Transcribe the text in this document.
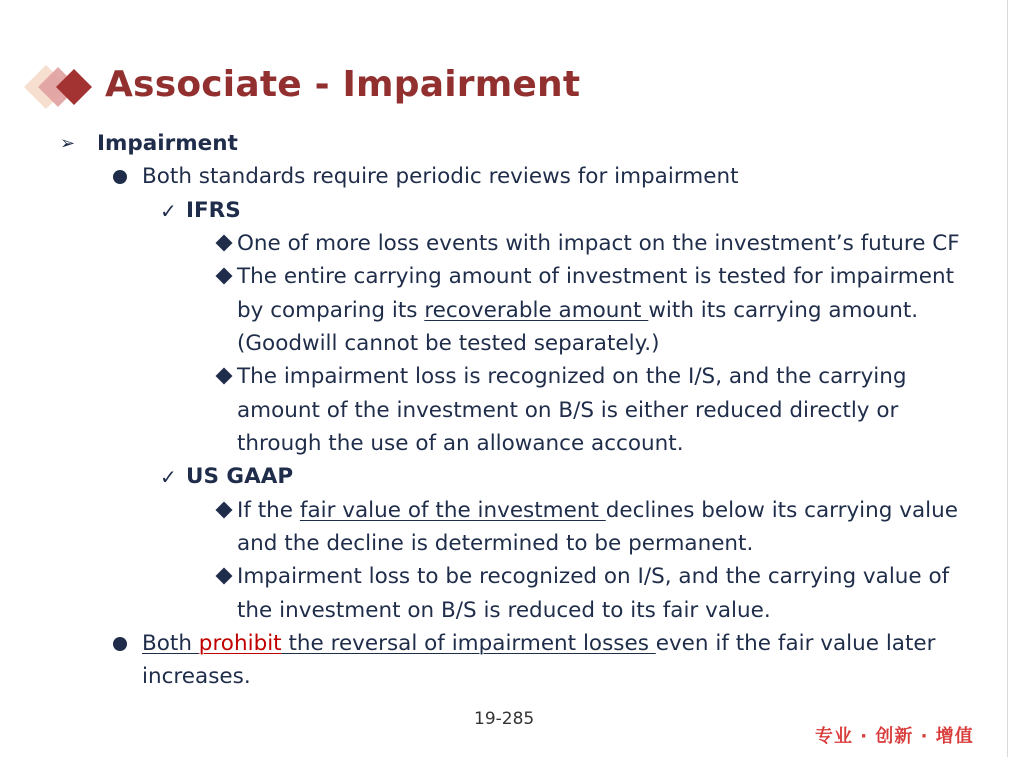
Associate - Impairment
➢ Impairment
Both standards require periodic reviews for impairment
✓ IFRS
One of more loss events with impact on the investment’s future CF
The entire carrying amount of investment is tested for impairment
by comparing its recoverable amount with its carrying amount.
(Goodwill cannot be tested separately.)
The impairment loss is recognized on the I/S, and the carrying
amount of the investment on B/S is either reduced directly or
through the use of an allowance account.
✓ US GAAP
If the fair value of the investment declines below its carrying value
and the decline is determined to be permanent.
Impairment loss to be recognized on I/S, and the carrying value of
the investment on B/S is reduced to its fair value.
Both prohibit the reversal of impairment losses even if the fair value later
increases.
19-285
专业 · 创新 · 增值
